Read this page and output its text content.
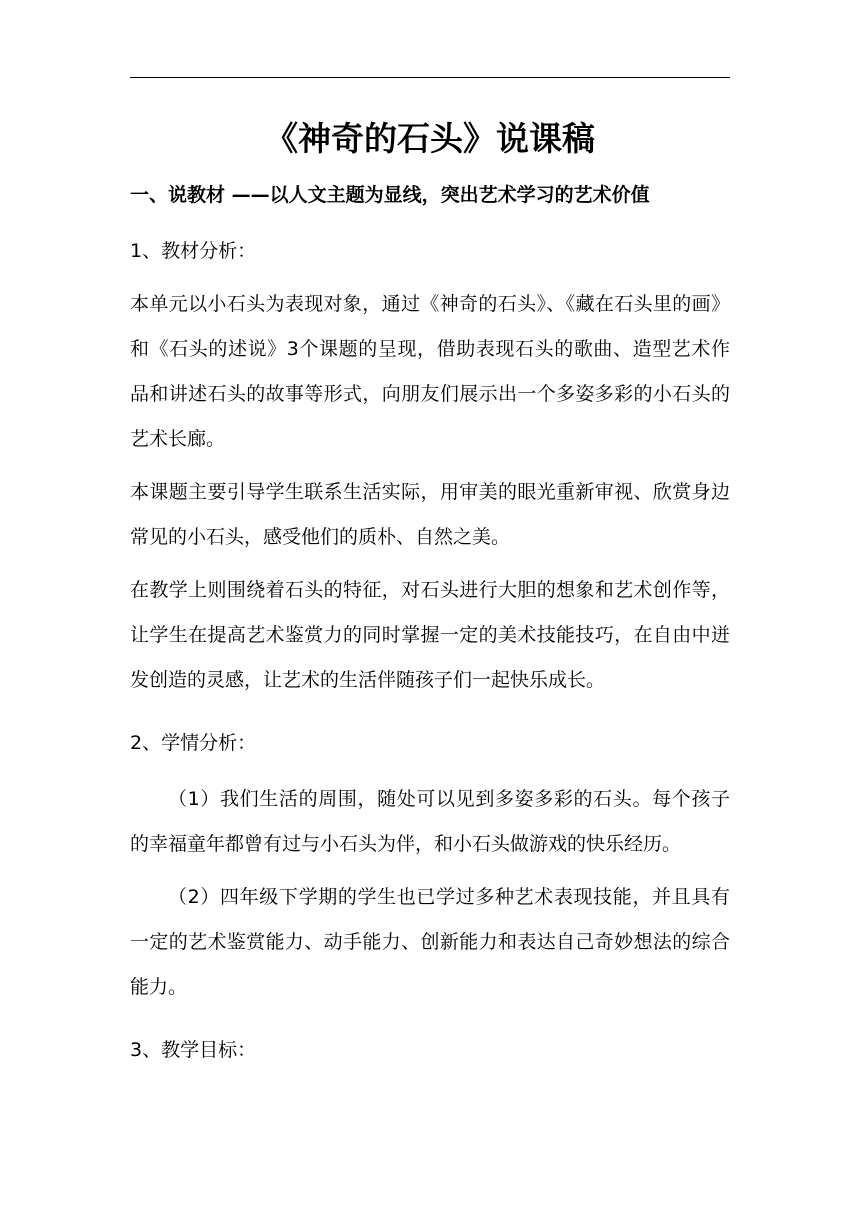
《神奇的石头》说课稿

一、说教材 ——以人文主题为显线，突出艺术学习的艺术价值

1、教材分析：

本单元以小石头为表现对象，通过《神奇的石头》、《藏在石头里的画》和《石头的述说》3个课题的呈现，借助表现石头的歌曲、造型艺术作品和讲述石头的故事等形式，向朋友们展示出一个多姿多彩的小石头的艺术长廊。

本课题主要引导学生联系生活实际，用审美的眼光重新审视、欣赏身边常见的小石头，感受他们的质朴、自然之美。

在教学上则围绕着石头的特征，对石头进行大胆的想象和艺术创作等，让学生在提高艺术鉴赏力的同时掌握一定的美术技能技巧，在自由中迸发创造的灵感，让艺术的生活伴随孩子们一起快乐成长。

2、学情分析：

（1）我们生活的周围，随处可以见到多姿多彩的石头。每个孩子的幸福童年都曾有过与小石头为伴，和小石头做游戏的快乐经历。

（2）四年级下学期的学生也已学过多种艺术表现技能，并且具有一定的艺术鉴赏能力、动手能力、创新能力和表达自己奇妙想法的综合能力。

3、教学目标：
